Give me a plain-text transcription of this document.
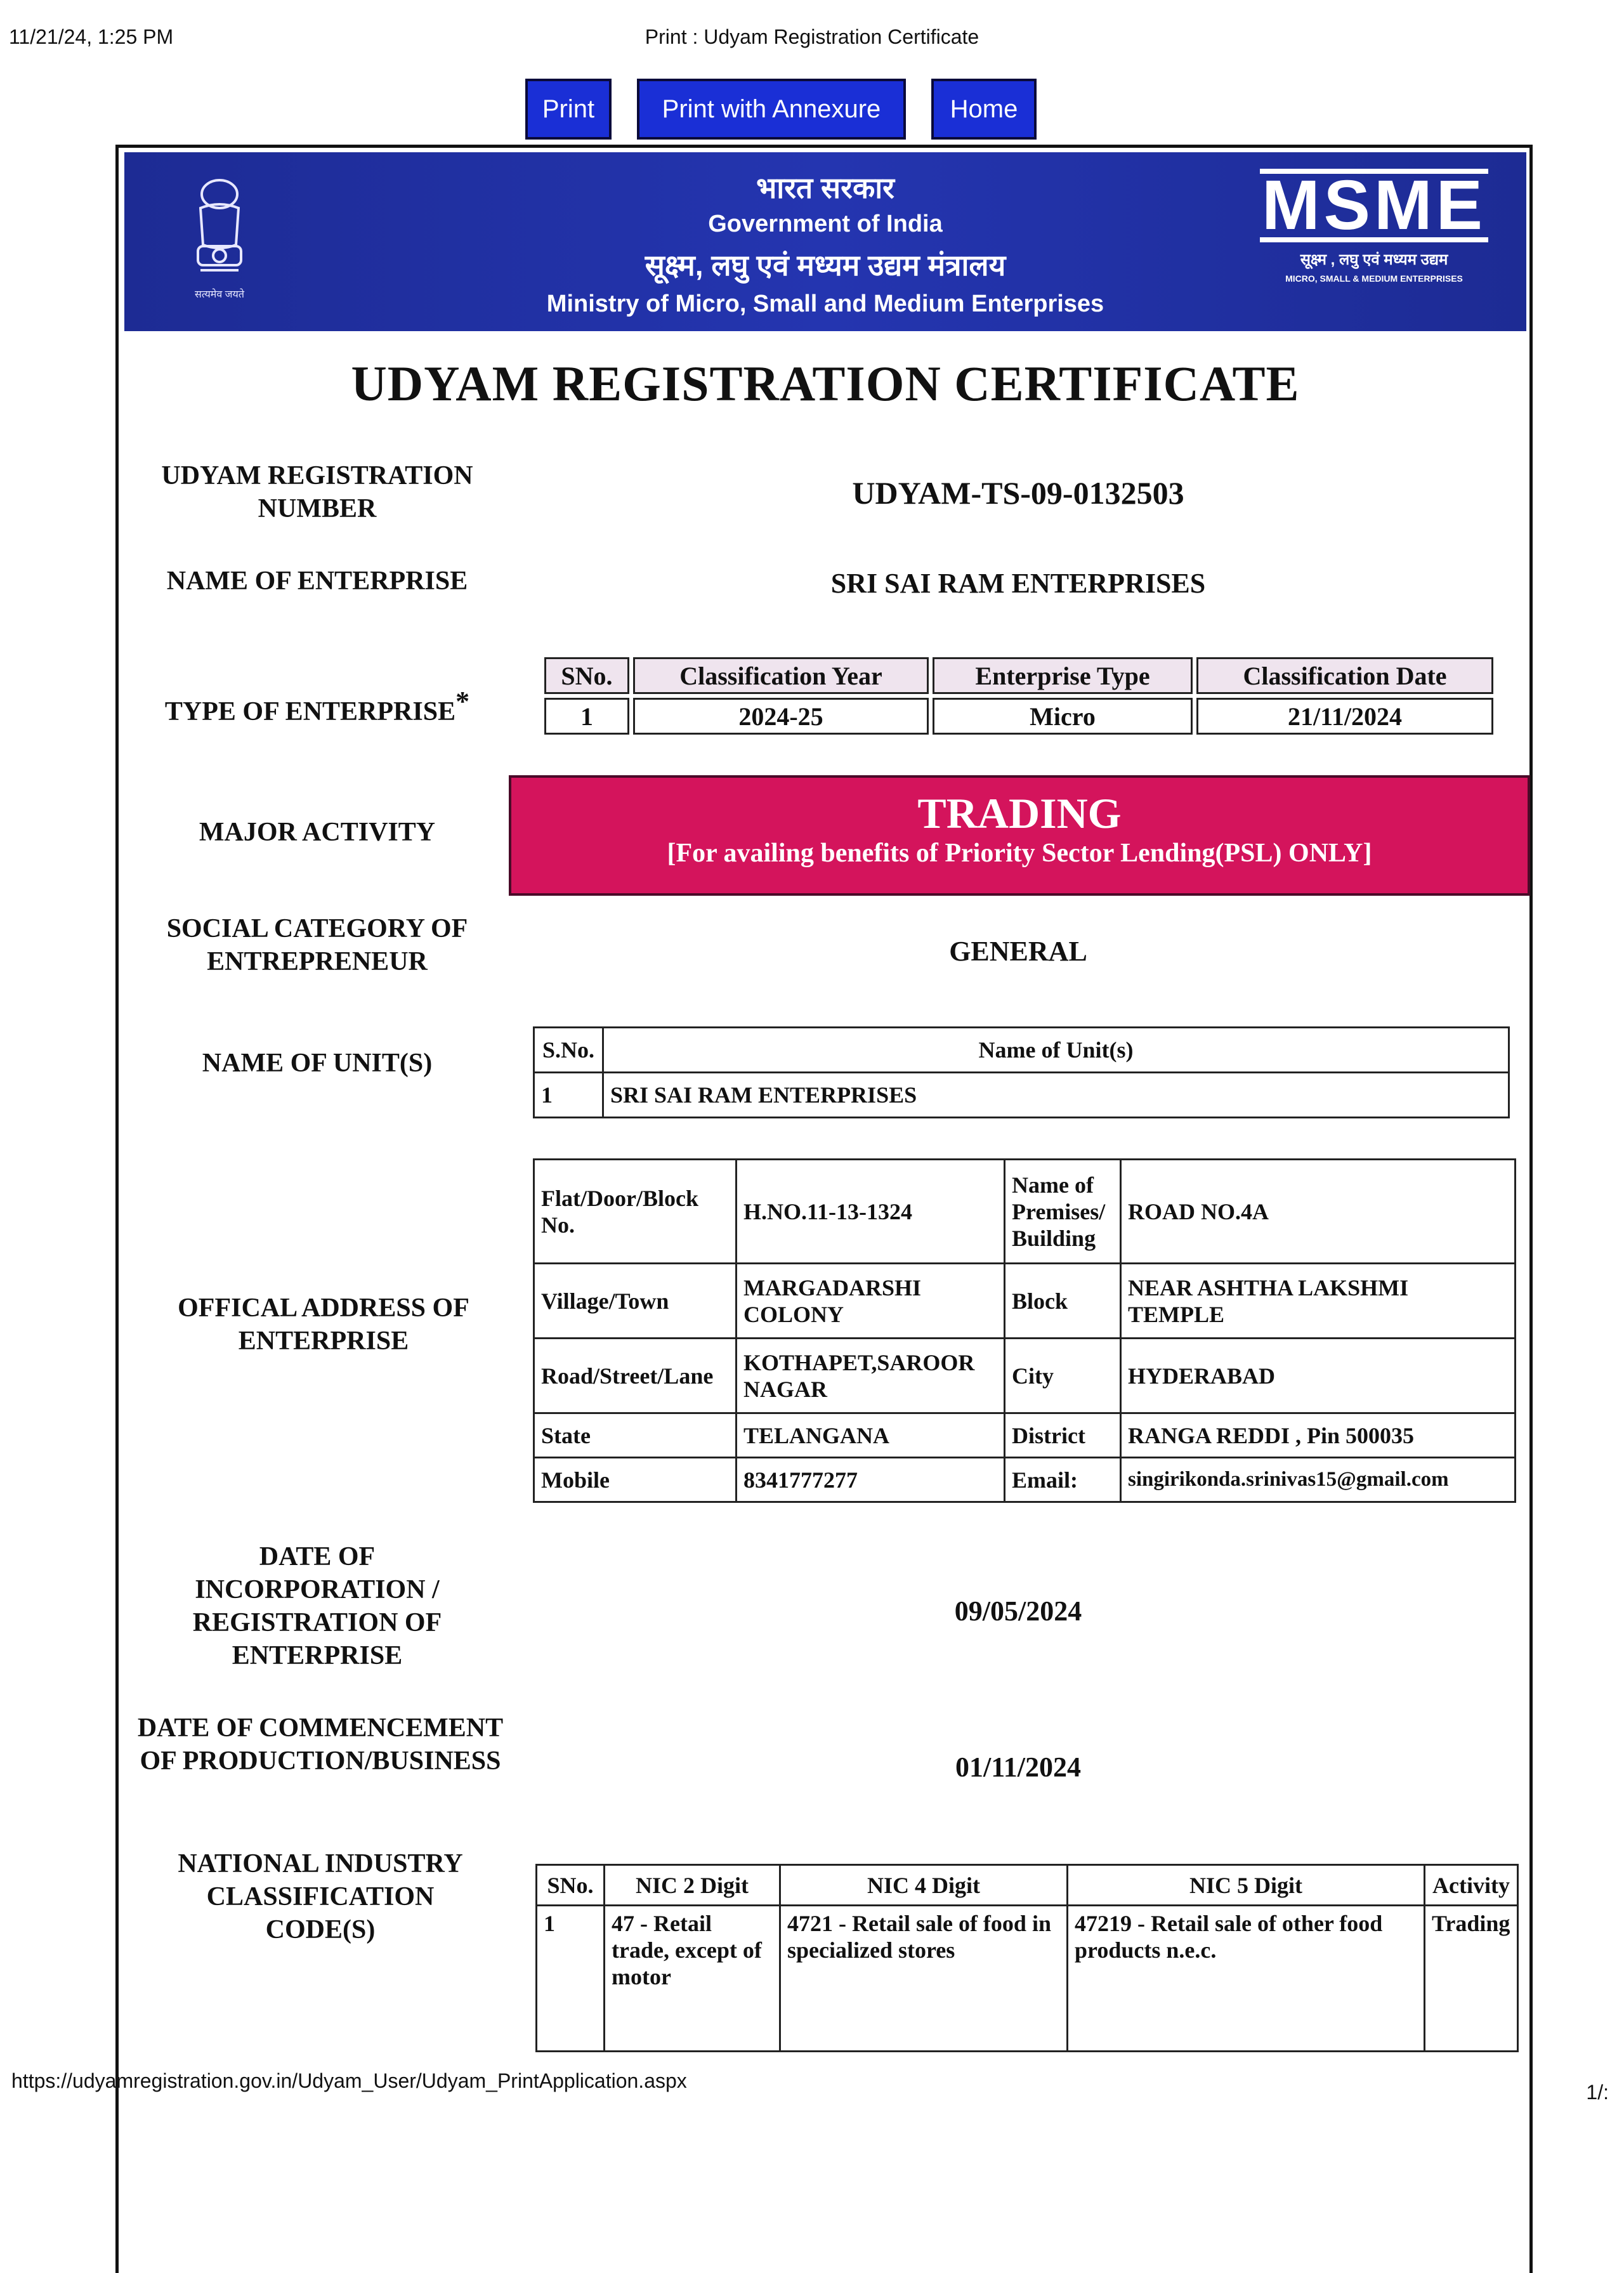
11/21/24, 1:25 PM	Print : Udyam Registration Certificate
https://udyamregistration.gov.in/Udyam_User/Udyam_PrintApplication.aspx	1/:
Print	Print with Annexure	Home
सत्यमेव जयते
भारत सरकार
Government of India
सूक्ष्म, लघु एवं मध्यम उद्यम मंत्रालय
Ministry of Micro, Small and Medium Enterprises
MSME
सूक्ष्म , लघु एवं मध्यम उद्यम
MICRO, SMALL & MEDIUM ENTERPRISES
UDYAM REGISTRATION CERTIFICATE
UDYAM REGISTRATION NUMBER	UDYAM-TS-09-0132503
NAME OF ENTERPRISE	SRI SAI RAM ENTERPRISES
TYPE OF ENTERPRISE*
SNo.	Classification Year	Enterprise Type	Classification Date
1	2024-25	Micro	21/11/2024
MAJOR ACTIVITY	TRADING
[For availing benefits of Priority Sector Lending(PSL) ONLY]
SOCIAL CATEGORY OF ENTREPRENEUR	GENERAL
NAME OF UNIT(S)	S.No.	Name of Unit(s)
1	SRI SAI RAM ENTERPRISES
OFFICAL ADDRESS OF ENTERPRISE
Flat/Door/Block No.	H.NO.11-13-1324	Name of Premises/ Building	ROAD NO.4A
Village/Town	MARGADARSHI COLONY	Block	NEAR ASHTHA LAKSHMI TEMPLE
Road/Street/Lane	KOTHAPET,SAROOR NAGAR	City	HYDERABAD
State	TELANGANA	District	RANGA REDDI , Pin 500035
Mobile	8341777277	Email:	singirikonda.srinivas15@gmail.com
DATE OF INCORPORATION / REGISTRATION OF ENTERPRISE
09/05/2024
DATE OF COMMENCEMENT OF PRODUCTION/BUSINESS	01/11/2024
NATIONAL INDUSTRY CLASSIFICATION CODE(S)
SNo.	NIC 2 Digit	NIC 4 Digit	NIC 5 Digit	Activity
1	47 - Retail trade, except of motor	4721 - Retail sale of food in specialized stores	47219 - Retail sale of other food products n.e.c.	Trading
